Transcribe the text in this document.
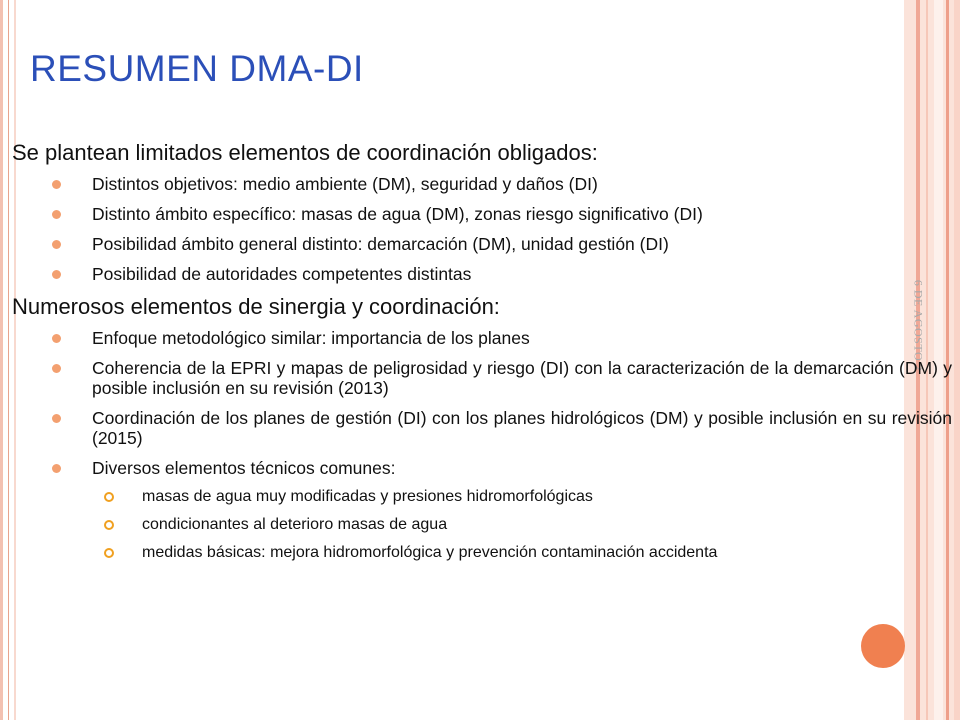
6 DE AGOSTO 2
RESUMEN DMA-DI
Se plantean limitados elementos de coordinación obligados:
Distintos objetivos: medio ambiente (DM), seguridad y daños (DI)
Distinto ámbito específico: masas de agua (DM), zonas riesgo significativo (DI)
Posibilidad ámbito general distinto: demarcación (DM), unidad gestión (DI)
Posibilidad de autoridades competentes distintas
Numerosos elementos de sinergia y coordinación:
Enfoque metodológico similar: importancia de los planes
Coherencia de la EPRI y mapas de peligrosidad y riesgo (DI) con la caracterización de la demarcación (DM) y posible inclusión en su revisión (2013)
Coordinación de los planes de gestión (DI) con los planes hidrológicos (DM) y posible inclusión en su revisión (2015)
Diversos elementos técnicos comunes:
masas de agua muy modificadas y presiones hidromorfológicas
condicionantes al deterioro masas de agua
medidas básicas: mejora hidromorfológica y prevención contaminación accidenta
